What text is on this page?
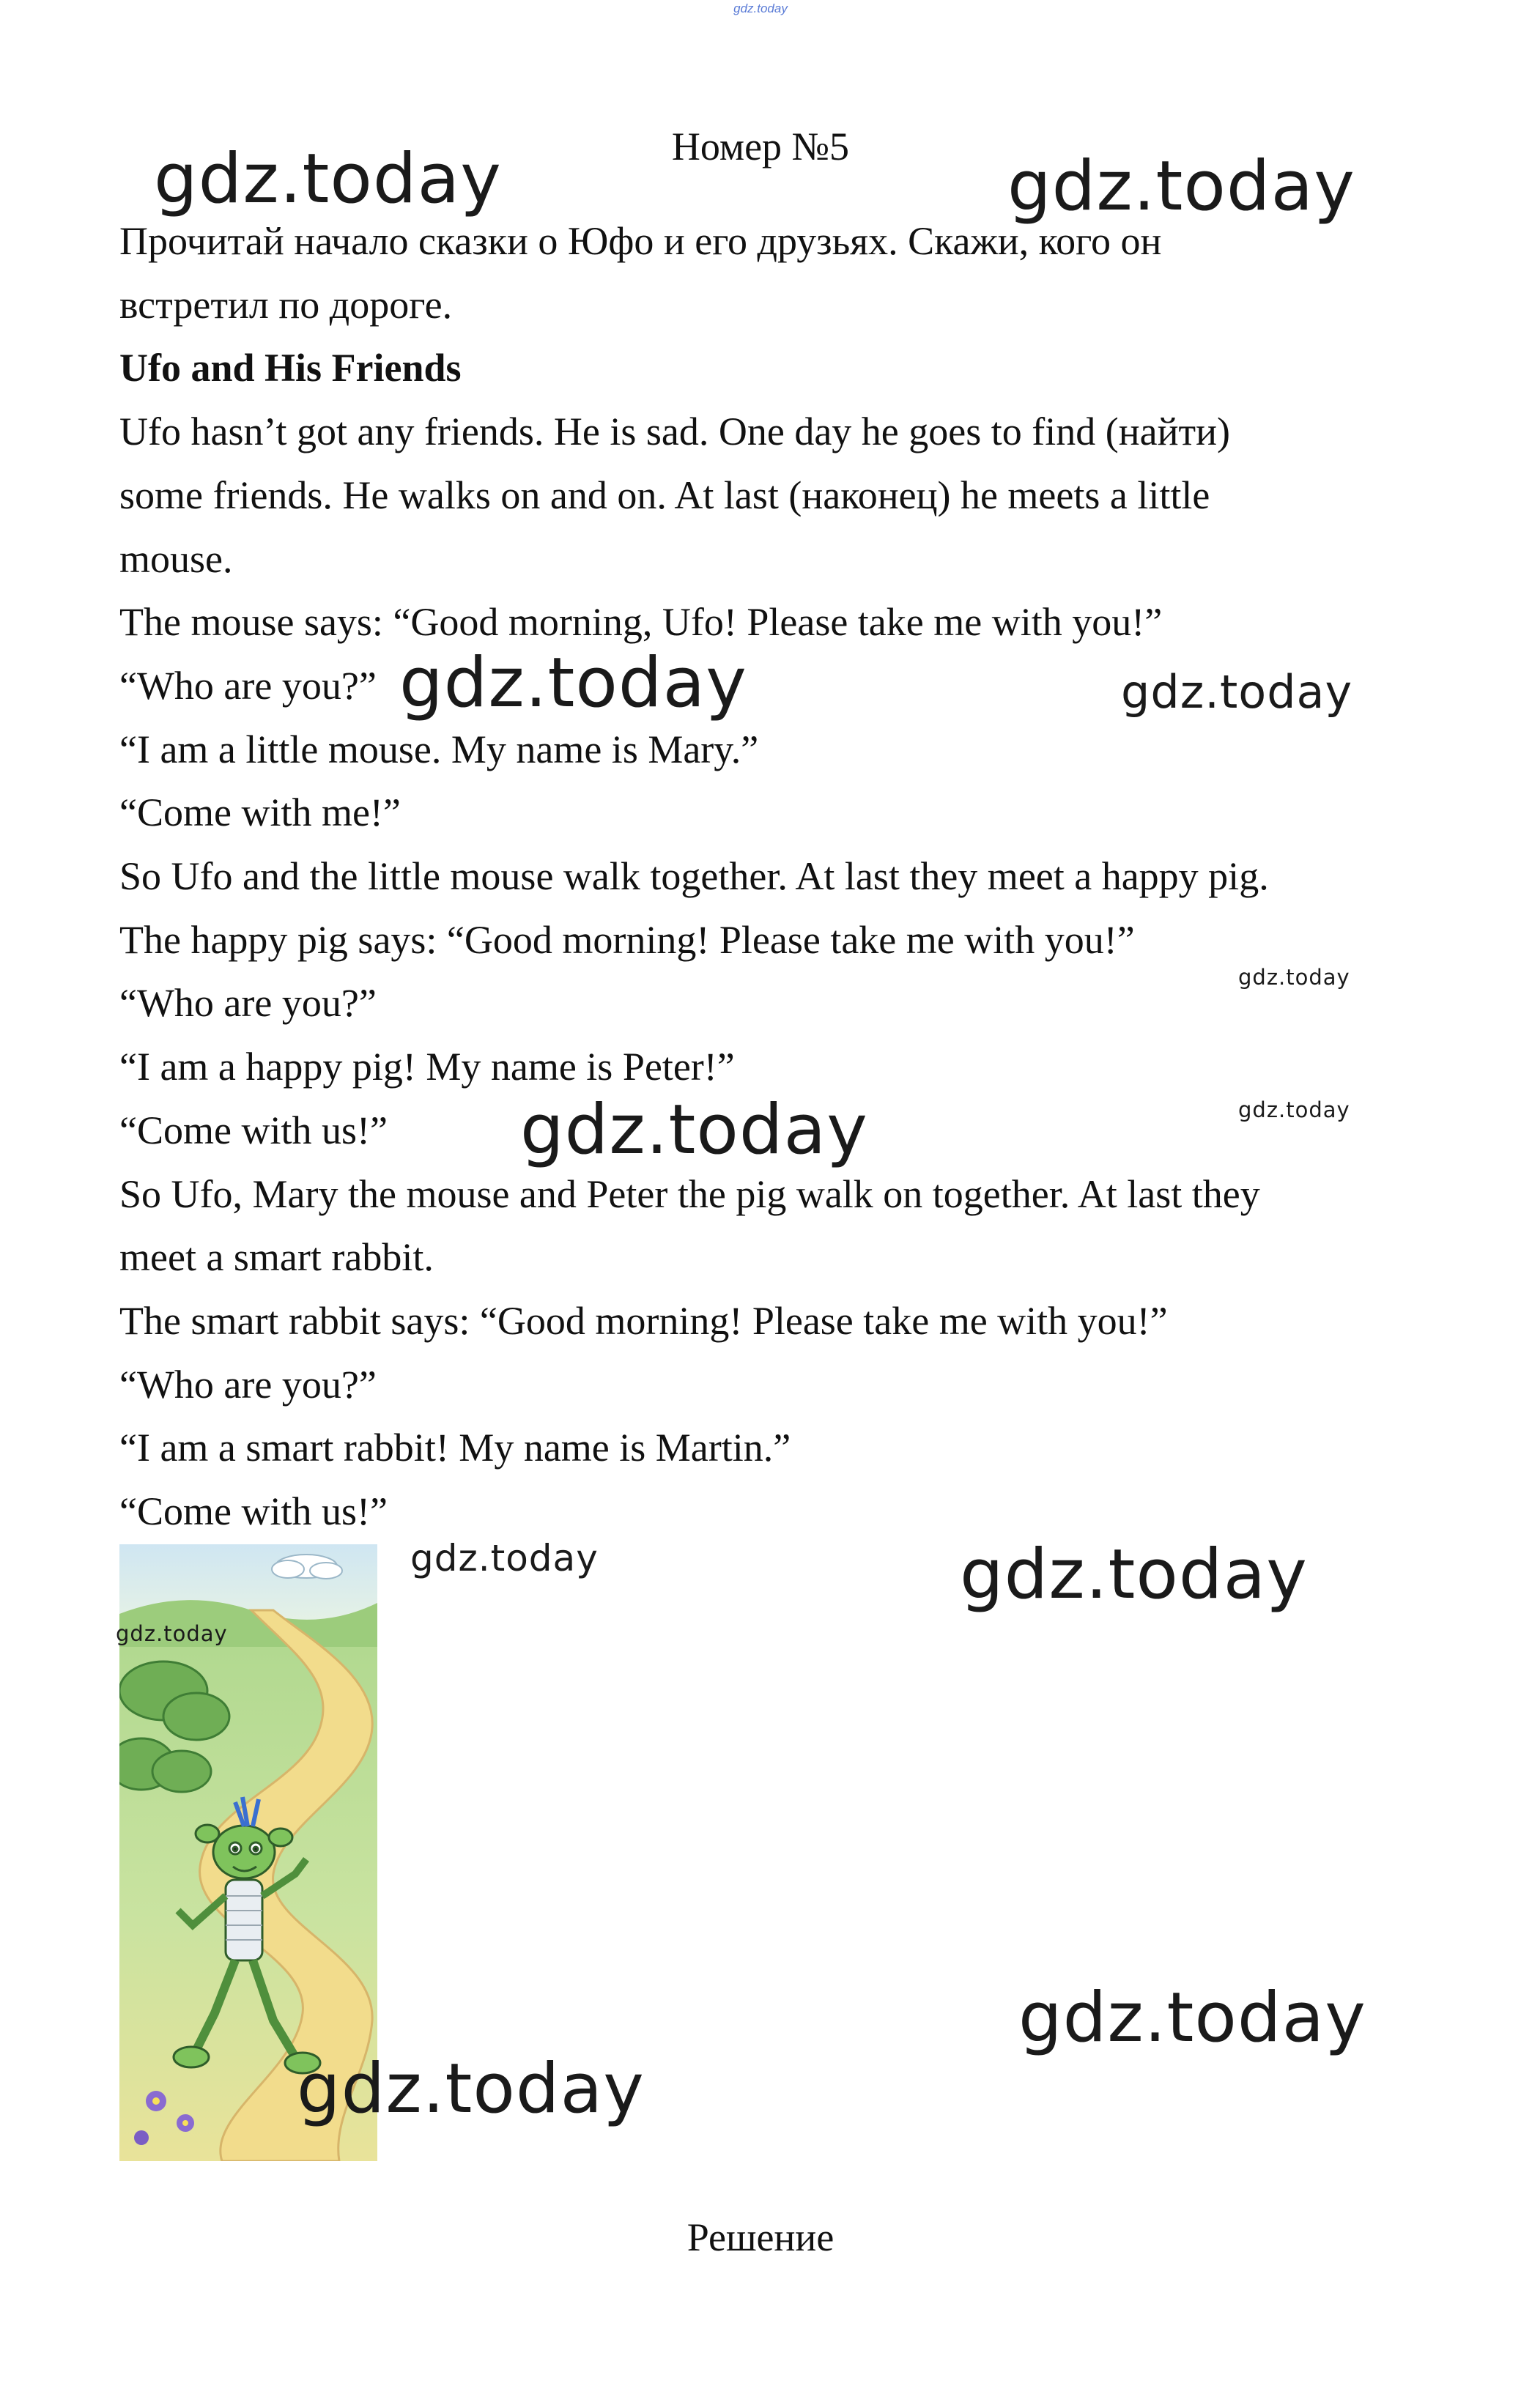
gdz.today
Номер №5

Прочитай начало сказки о Юфо и его друзьях. Скажи, кого он

встретил по дороге.

Ufo and His Friends

Ufo hasn’t got any friends. He is sad. One day he goes to find (найти)

some friends. He walks on and on. At last (наконец) he meets a little

mouse.

The mouse says: “Good morning, Ufo! Please take me with you!”

“Who are you?”

“I am a little mouse. My name is Mary.”

“Come with me!”

So Ufo and the little mouse walk together. At last they meet a happy pig.

The happy pig says: “Good morning! Please take me with you!”

“Who are you?”

“I am a happy pig! My name is Peter!”

“Come with us!”

So Ufo, Mary the mouse and Peter the pig walk on together. At last they

meet a smart rabbit.

The smart rabbit says: “Good morning! Please take me with you!”

“Who are you?”

“I am a smart rabbit! My name is Martin.”

“Come with us!”

Решение
gdz.today	gdz.today
gdz.today	gdz.today
gdz.today
gdz.today	gdz.today
gdz.today	gdz.today
gdz.today
gdz.today
gdz.today
